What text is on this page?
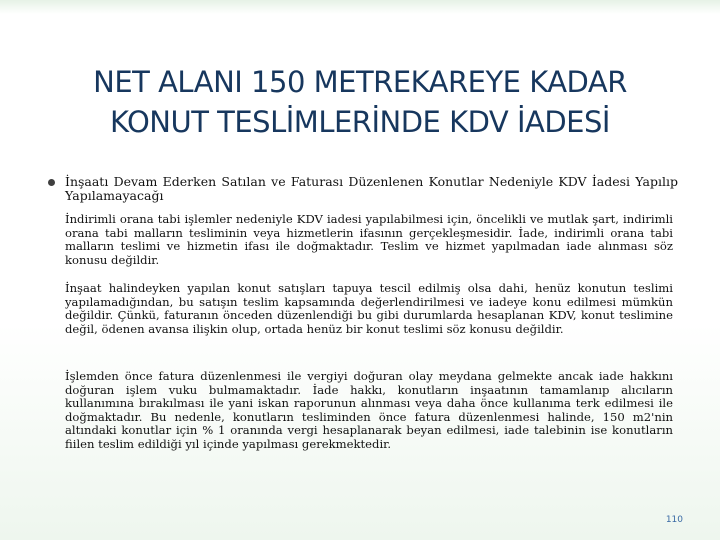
NET ALANI 150 METREKAREYE KADAR
KONUT TESLİMLERİNDE KDV İADESİ
İnşaatı Devam Ederken Satılan ve Faturası Düzenlenen Konutlar Nedeniyle KDV İadesi Yapılıp Yapılamayacağı
İndirimli orana tabi işlemler nedeniyle KDV iadesi yapılabilmesi için, öncelikli ve mutlak şart, indirimli orana tabi malların tesliminin veya hizmetlerin ifasının gerçekleşmesidir. İade, indirimli orana tabi malların teslimi ve hizmetin ifası ile doğmaktadır. Teslim ve hizmet yapılmadan iade alınması söz konusu değildir.
İnşaat halindeyken yapılan konut satışları tapuya tescil edilmiş olsa dahi, henüz konutun teslimi yapılamadığından, bu satışın teslim kapsamında değerlendirilmesi ve iadeye konu edilmesi mümkün değildir. Çünkü, faturanın önceden düzenlendiği bu gibi durumlarda hesaplanan KDV, konut teslimine değil, ödenen avansa ilişkin olup, ortada henüz bir konut teslimi söz konusu değildir.
İşlemden önce fatura düzenlenmesi ile vergiyi doğuran olay meydana gelmekte ancak iade hakkını doğuran işlem vuku bulmamaktadır. İade hakkı, konutların inşaatının tamamlanıp alıcıların kullanımına bırakılması ile yani iskan raporunun alınması veya daha önce kullanıma terk edilmesi ile doğmaktadır. Bu nedenle, konutların tesliminden önce fatura düzenlenmesi halinde, 150 m2'nin altındaki konutlar için % 1 oranında vergi hesaplanarak beyan edilmesi, iade talebinin ise konutların fiilen teslim edildiği yıl içinde yapılması gerekmektedir.
110
